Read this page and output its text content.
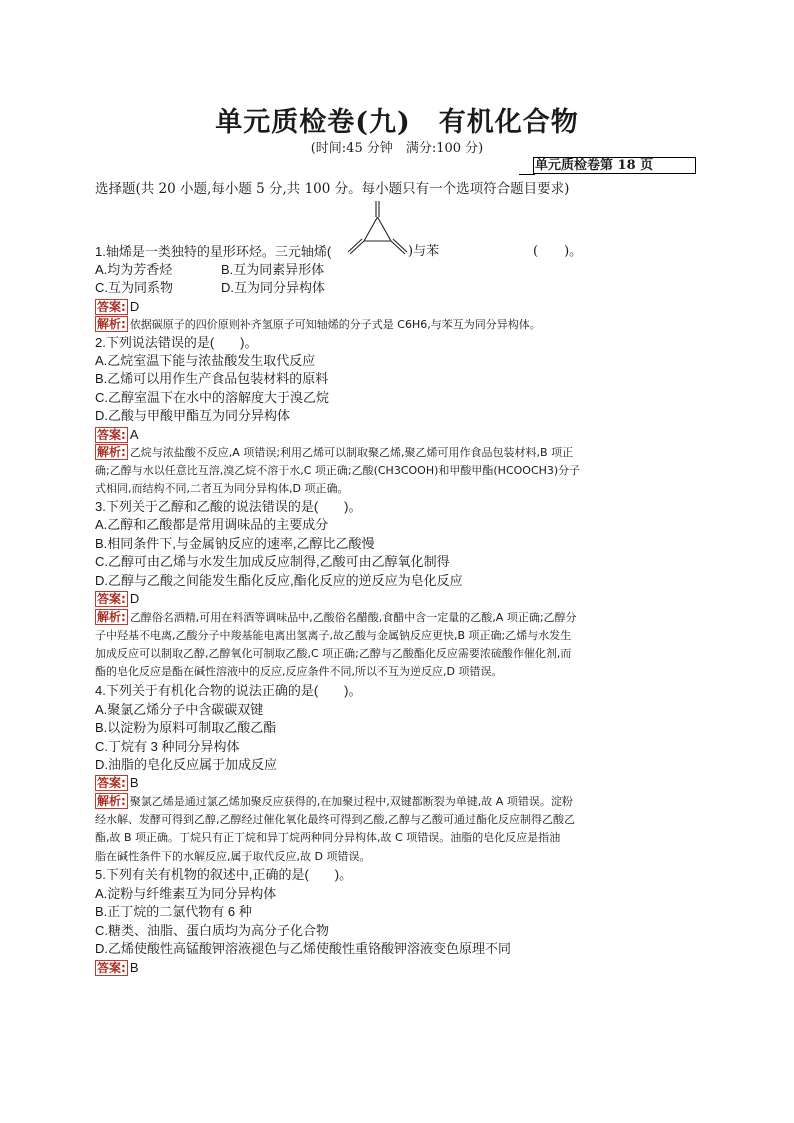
单元质检卷(九)　有机化合物
(时间:45 分钟　满分:100 分)
单元质检卷第 18 页
选择题(共 20 小题,每小题 5 分,共 100 分。每小题只有一个选项符合题目要求)
1.轴烯是一类独特的星形环烃。三元轴烯(	)与苯	(　　)。
A.均为芳香烃	B.互为同素异形体
C.互为同系物	D.互为同分异构体
答案: D
解析: 依据碳原子的四价原则补齐氢原子可知轴烯的分子式是 C6H6,与苯互为同分异构体。
2.下列说法错误的是(　　)。
A.乙烷室温下能与浓盐酸发生取代反应
B.乙烯可以用作生产食品包装材料的原料
C.乙醇室温下在水中的溶解度大于溴乙烷
D.乙酸与甲酸甲酯互为同分异构体
答案: A
解析: 乙烷与浓盐酸不反应,A 项错误;利用乙烯可以制取聚乙烯,聚乙烯可用作食品包装材料,B 项正
确;乙醇与水以任意比互溶,溴乙烷不溶于水,C 项正确;乙酸(CH3COOH)和甲酸甲酯(HCOOCH3)分子
式相同,而结构不同,二者互为同分异构体,D 项正确。
3.下列关于乙醇和乙酸的说法错误的是(　　)。
A.乙醇和乙酸都是常用调味品的主要成分
B.相同条件下,与金属钠反应的速率,乙醇比乙酸慢
C.乙醇可由乙烯与水发生加成反应制得,乙酸可由乙醇氧化制得
D.乙醇与乙酸之间能发生酯化反应,酯化反应的逆反应为皂化反应
答案: D
解析: 乙醇俗名酒精,可用在料酒等调味品中,乙酸俗名醋酸,食醋中含一定量的乙酸,A 项正确;乙醇分
子中羟基不电离,乙酸分子中羧基能电离出氢离子,故乙酸与金属钠反应更快,B 项正确;乙烯与水发生
加成反应可以制取乙醇,乙醇氧化可制取乙酸,C 项正确;乙醇与乙酸酯化反应需要浓硫酸作催化剂,而
酯的皂化反应是酯在碱性溶液中的反应,反应条件不同,所以不互为逆反应,D 项错误。
4.下列关于有机化合物的说法正确的是(　　)。
A.聚氯乙烯分子中含碳碳双键
B.以淀粉为原料可制取乙酸乙酯
C.丁烷有 3 种同分异构体
D.油脂的皂化反应属于加成反应
答案: B
解析: 聚氯乙烯是通过氯乙烯加聚反应获得的,在加聚过程中,双键都断裂为单键,故 A 项错误。淀粉
经水解、发酵可得到乙醇,乙醇经过催化氧化最终可得到乙酸,乙醇与乙酸可通过酯化反应制得乙酸乙
酯,故 B 项正确。丁烷只有正丁烷和异丁烷两种同分异构体,故 C 项错误。油脂的皂化反应是指油
脂在碱性条件下的水解反应,属于取代反应,故 D 项错误。
5.下列有关有机物的叙述中,正确的是(　　)。
A.淀粉与纤维素互为同分异构体
B.正丁烷的二氯代物有 6 种
C.糖类、油脂、蛋白质均为高分子化合物
D.乙烯使酸性高锰酸钾溶液褪色与乙烯使酸性重铬酸钾溶液变色原理不同
答案: B
